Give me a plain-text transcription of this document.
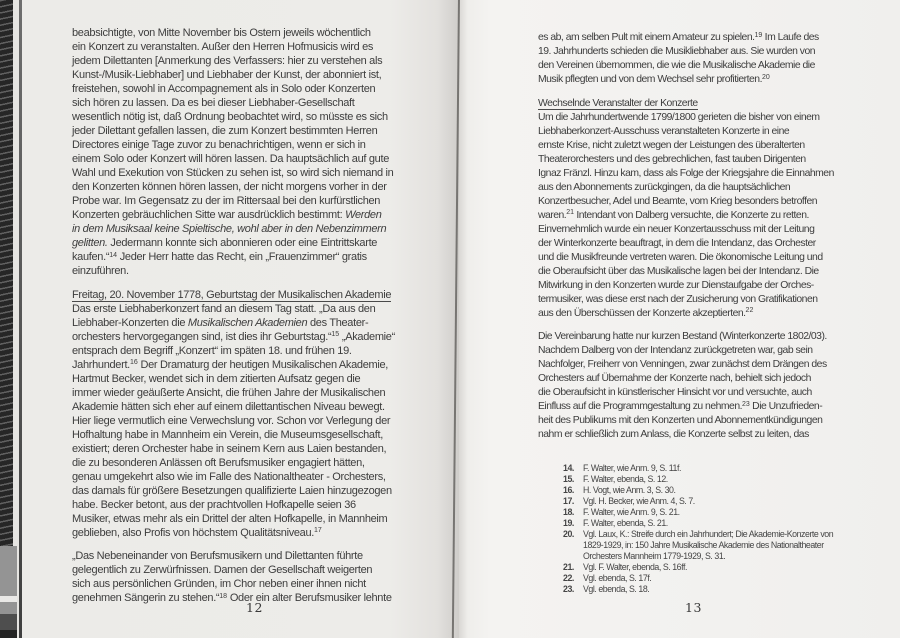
beabsichtigte, von Mitte November bis Ostern jeweils wöchentlich
ein Konzert zu veranstalten. Außer den Herren Hofmusicis wird es
jedem Dilettanten [Anmerkung des Verfassers: hier zu verstehen als
Kunst-/Musik-Liebhaber] und Liebhaber der Kunst, der abonniert ist,
freistehen, sowohl in Accompagnement als in Solo oder Konzerten
sich hören zu lassen. Da es bei dieser Liebhaber-Gesellschaft
wesentlich nötig ist, daß Ordnung beobachtet wird, so müsste es sich
jeder Dilettant gefallen lassen, die zum Konzert bestimmten Herren
Directores einige Tage zuvor zu benachrichtigen, wenn er sich in
einem Solo oder Konzert will hören lassen. Da hauptsächlich auf gute
Wahl und Exekution von Stücken zu sehen ist, so wird sich niemand in
den Konzerten können hören lassen, der nicht morgens vorher in der
Probe war. Im Gegensatz zu der im Rittersaal bei den kurfürstlichen
Konzerten gebräuchlichen Sitte war ausdrücklich bestimmt: Werden
in dem Musiksaal keine Spieltische, wohl aber in den Nebenzimmern
gelitten. Jedermann konnte sich abonnieren oder eine Eintrittskarte
kaufen.“$^{14}$ Jeder Herr hatte das Recht, ein „Frauenzimmer“ gratis
einzuführen.
Freitag, 20. November 1778, Geburtstag der Musikalischen Akademie
Das erste Liebhaberkonzert fand an diesem Tag statt. „Da aus den
Liebhaber-Konzerten die Musikalischen Akademien des Theater-
orchesters hervorgegangen sind, ist dies ihr Geburtstag.“$^{15}$ „Akademie“
entsprach dem Begriff „Konzert“ im späten 18. und frühen 19.
Jahrhundert.$^{16}$ Der Dramaturg der heutigen Musikalischen Akademie,
Hartmut Becker, wendet sich in dem zitierten Aufsatz gegen die
immer wieder geäußerte Ansicht, die frühen Jahre der Musikalischen
Akademie hätten sich eher auf einem dilettantischen Niveau bewegt.
Hier liege vermutlich eine Verwechslung vor. Schon vor Verlegung der
Hofhaltung habe in Mannheim ein Verein, die Museumsgesellschaft,
existiert; deren Orchester habe in seinem Kern aus Laien bestanden,
die zu besonderen Anlässen oft Berufsmusiker engagiert hätten,
genau umgekehrt also wie im Falle des Nationaltheater - Orchesters,
das damals für größere Besetzungen qualifizierte Laien hinzugezogen
habe. Becker betont, aus der prachtvollen Hofkapelle seien 36
Musiker, etwas mehr als ein Drittel der alten Hofkapelle, in Mannheim
geblieben, also Profis von höchstem Qualitätsniveau.$^{17}$
„Das Nebeneinander von Berufsmusikern und Dilettanten führte
gelegentlich zu Zerwürfnissen. Damen der Gesellschaft weigerten
sich aus persönlichen Gründen, im Chor neben einer ihnen nicht
genehmen Sängerin zu stehen.“$^{18}$ Oder ein alter Berufsmusiker lehnte
es ab, am selben Pult mit einem Amateur zu spielen.$^{19}$ Im Laufe des
19. Jahrhunderts schieden die Musikliebhaber aus. Sie wurden von
den Vereinen übernommen, die wie die Musikalische Akademie die
Musik pflegten und von dem Wechsel sehr profitierten.$^{20}$
Wechselnde Veranstalter der Konzerte
Um die Jahrhundertwende 1799/1800 gerieten die bisher von einem
Liebhaberkonzert-Ausschuss veranstalteten Konzerte in eine
ernste Krise, nicht zuletzt wegen der Leistungen des überalterten
Theaterorchesters und des gebrechlichen, fast tauben Dirigenten
Ignaz Fränzl. Hinzu kam, dass als Folge der Kriegsjahre die Einnahmen
aus den Abonnements zurückgingen, da die hauptsächlichen
Konzertbesucher, Adel und Beamte, vom Krieg besonders betroffen
waren.$^{21}$ Intendant von Dalberg versuchte, die Konzerte zu retten.
Einvernehmlich wurde ein neuer Konzertausschuss mit der Leitung
der Winterkonzerte beauftragt, in dem die Intendanz, das Orchester
und die Musikfreunde vertreten waren. Die ökonomische Leitung und
die Oberaufsicht über das Musikalische lagen bei der Intendanz. Die
Mitwirkung in den Konzerten wurde zur Dienstaufgabe der Orches-
termusiker, was diese erst nach der Zusicherung von Gratifikationen
aus den Überschüssen der Konzerte akzeptierten.$^{22}$
Die Vereinbarung hatte nur kurzen Bestand (Winterkonzerte 1802/03).
Nachdem Dalberg von der Intendanz zurückgetreten war, gab sein
Nachfolger, Freiherr von Venningen, zwar zunächst dem Drängen des
Orchesters auf Übernahme der Konzerte nach, behielt sich jedoch
die Oberaufsicht in künstlerischer Hinsicht vor und versuchte, auch
Einfluss auf die Programmgestaltung zu nehmen.$^{23}$ Die Unzufrieden-
heit des Publikums mit den Konzerten und Abonnementkündigungen
nahm er schließlich zum Anlass, die Konzerte selbst zu leiten, das
14.	F. Walter, wie Anm. 9, S. 11f.
15.	F. Walter, ebenda, S. 12.
16.	H. Vogt, wie Anm. 3, S. 30.
17.	Vgl. H. Becker, wie Anm. 4, S. 7.
18.	F. Walter, wie Anm. 9, S. 21.
19.	F. Walter, ebenda, S. 21.
20.	Vgl. Laux, K.: Streife durch ein Jahrhundert; Die Akademie-Konzerte von
1829-1929, in: 150 Jahre Musikalische Akademie des Nationaltheater
Orchesters Mannheim 1779-1929, S. 31.
21.	Vgl. F. Walter, ebenda, S. 16ff.
22.	Vgl. ebenda, S. 17f.
23.	Vgl. ebenda, S. 18.
12	13
